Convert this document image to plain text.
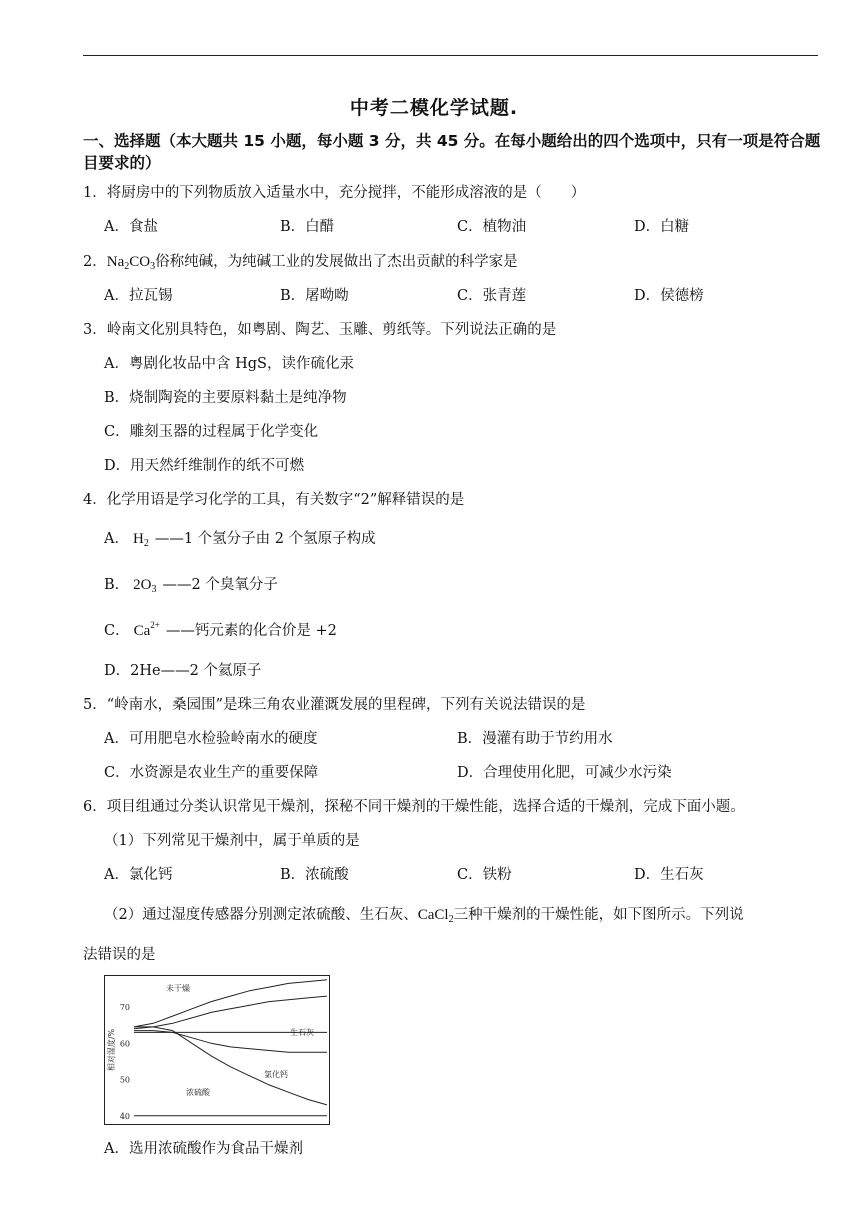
中考二模化学试题.
一、选择题（本大题共 15 小题，每小题 3 分，共 45 分。在每小题给出的四个选项中，只有一项是符合题目要求的）
1．将厨房中的下列物质放入适量水中，充分搅拌，不能形成溶液的是（　　）
A．食盐	B．白醋	C．植物油	D．白糖
2．$Na_2CO_3$俗称纯碱，为纯碱工业的发展做出了杰出贡献的科学家是
A．拉瓦锡	B．屠呦呦	C．张青莲	D．侯德榜
3．岭南文化别具特色，如粤剧、陶艺、玉雕、剪纸等。下列说法正确的是
A．粤剧化妆品中含 HgS，读作硫化汞
B．烧制陶瓷的主要原料黏土是纯净物
C．雕刻玉器的过程属于化学变化
D．用天然纤维制作的纸不可燃
4．化学用语是学习化学的工具，有关数字“2”解释错误的是
A． $H_2$ ——1 个氢分子由 2 个氢原子构成
B． $2O_3$ ——2 个臭氧分子
C． $Ca^{2+}$ ——钙元素的化合价是 +2
D．2He——2 个氦原子
5．“岭南水，桑园围”是珠三角农业灌溉发展的里程碑，下列有关说法错误的是
A．可用肥皂水检验岭南水的硬度	B．漫灌有助于节约用水
C．水资源是农业生产的重要保障	D．合理使用化肥，可减少水污染
6．项目组通过分类认识常见干燥剂，探秘不同干燥剂的干燥性能，选择合适的干燥剂，完成下面小题。
（1）下列常见干燥剂中，属于单质的是
A．氯化钙	B．浓硫酸	C．铁粉	D．生石灰
（2）通过湿度传感器分别测定浓硫酸、生石灰、CaCl$_2$三种干燥剂的干燥性能，如下图所示。下列说
法错误的是
40
50
60
70
相对湿度/%
未干燥
生石灰
氯化钙
浓硫酸
A．选用浓硫酸作为食品干燥剂
